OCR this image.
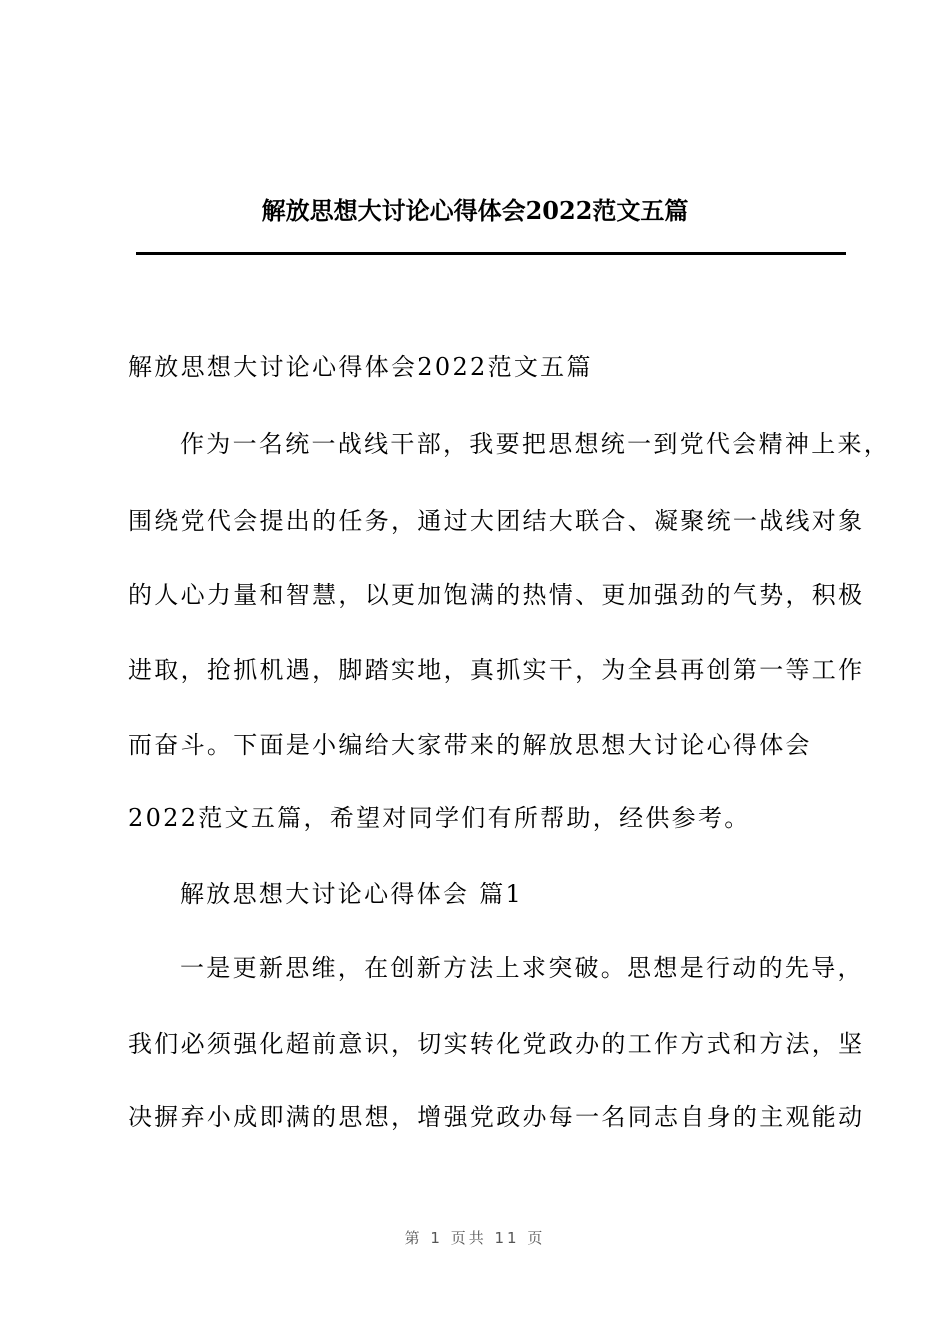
解放思想大讨论心得体会2022范文五篇
解放思想大讨论心得体会2022范文五篇
作为一名统一战线干部，我要把思想统一到党代会精神上来，
围绕党代会提出的任务，通过大团结大联合、凝聚统一战线对象
的人心力量和智慧，以更加饱满的热情、更加强劲的气势，积极
进取，抢抓机遇，脚踏实地，真抓实干，为全县再创第一等工作
而奋斗。下面是小编给大家带来的解放思想大讨论心得体会
2022范文五篇，希望对同学们有所帮助，经供参考。
解放思想大讨论心得体会 篇1
一是更新思维，在创新方法上求突破。思想是行动的先导，
我们必须强化超前意识，切实转化党政办的工作方式和方法，坚
决摒弃小成即满的思想，增强党政办每一名同志自身的主观能动
第 1 页共 11 页
